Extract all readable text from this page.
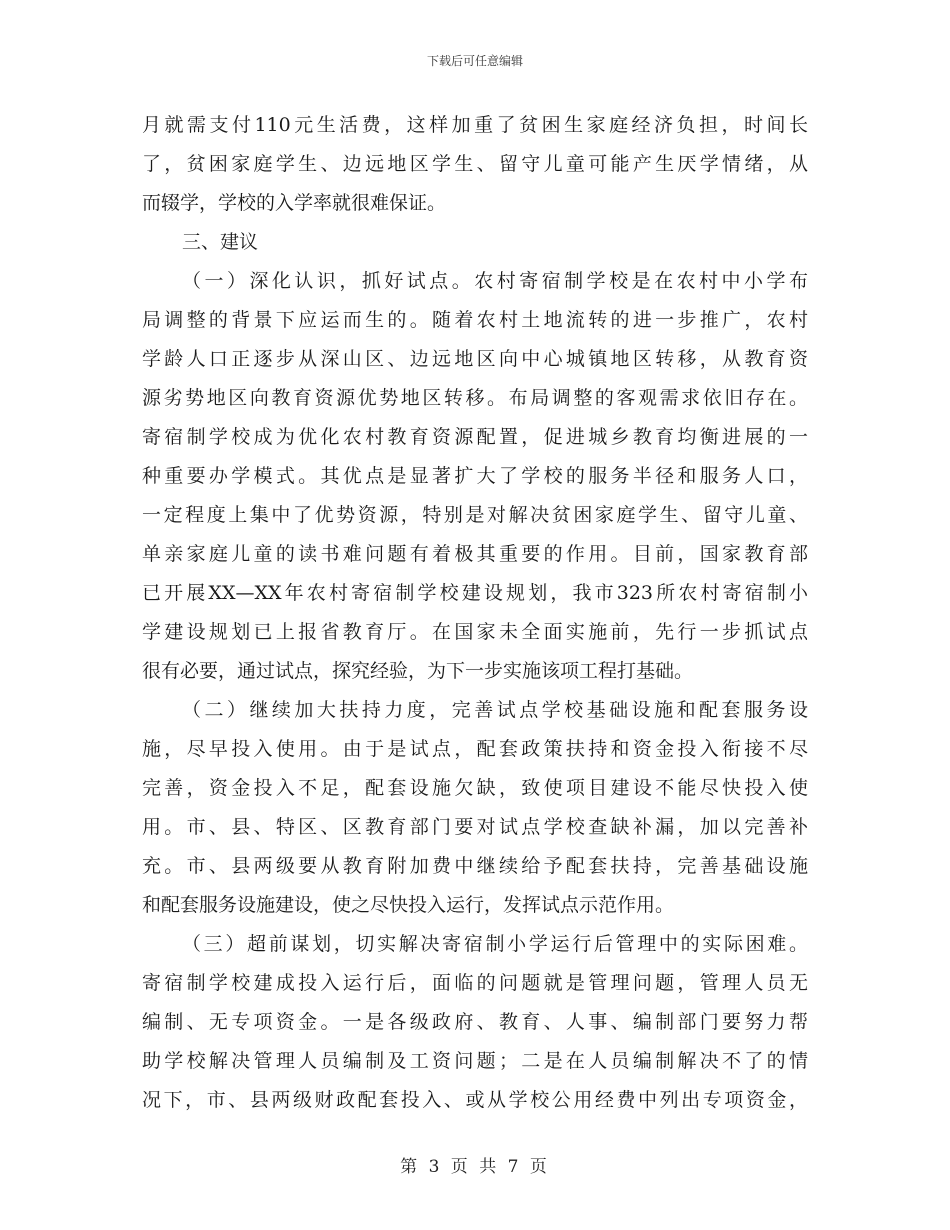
下载后可任意编辑
月就需支付110元生活费，这样加重了贫困生家庭经济负担，时间长
了，贫困家庭学生、边远地区学生、留守儿童可能产生厌学情绪，从
而辍学，学校的入学率就很难保证。
三、建议
（一）深化认识，抓好试点。农村寄宿制学校是在农村中小学布
局调整的背景下应运而生的。随着农村土地流转的进一步推广，农村
学龄人口正逐步从深山区、边远地区向中心城镇地区转移，从教育资
源劣势地区向教育资源优势地区转移。布局调整的客观需求依旧存在。
寄宿制学校成为优化农村教育资源配置，促进城乡教育均衡进展的一
种重要办学模式。其优点是显著扩大了学校的服务半径和服务人口，
一定程度上集中了优势资源，特别是对解决贫困家庭学生、留守儿童、
单亲家庭儿童的读书难问题有着极其重要的作用。目前，国家教育部
已开展XX—XX年农村寄宿制学校建设规划，我市323所农村寄宿制小
学建设规划已上报省教育厅。在国家未全面实施前，先行一步抓试点
很有必要，通过试点，探究经验，为下一步实施该项工程打基础。
（二）继续加大扶持力度，完善试点学校基础设施和配套服务设
施，尽早投入使用。由于是试点，配套政策扶持和资金投入衔接不尽
完善，资金投入不足，配套设施欠缺，致使项目建设不能尽快投入使
用。市、县、特区、区教育部门要对试点学校查缺补漏，加以完善补
充。市、县两级要从教育附加费中继续给予配套扶持，完善基础设施
和配套服务设施建设，使之尽快投入运行，发挥试点示范作用。
（三）超前谋划，切实解决寄宿制小学运行后管理中的实际困难。
寄宿制学校建成投入运行后，面临的问题就是管理问题，管理人员无
编制、无专项资金。一是各级政府、教育、人事、编制部门要努力帮
助学校解决管理人员编制及工资问题；二是在人员编制解决不了的情
况下，市、县两级财政配套投入、或从学校公用经费中列出专项资金，
第 3 页 共 7 页
